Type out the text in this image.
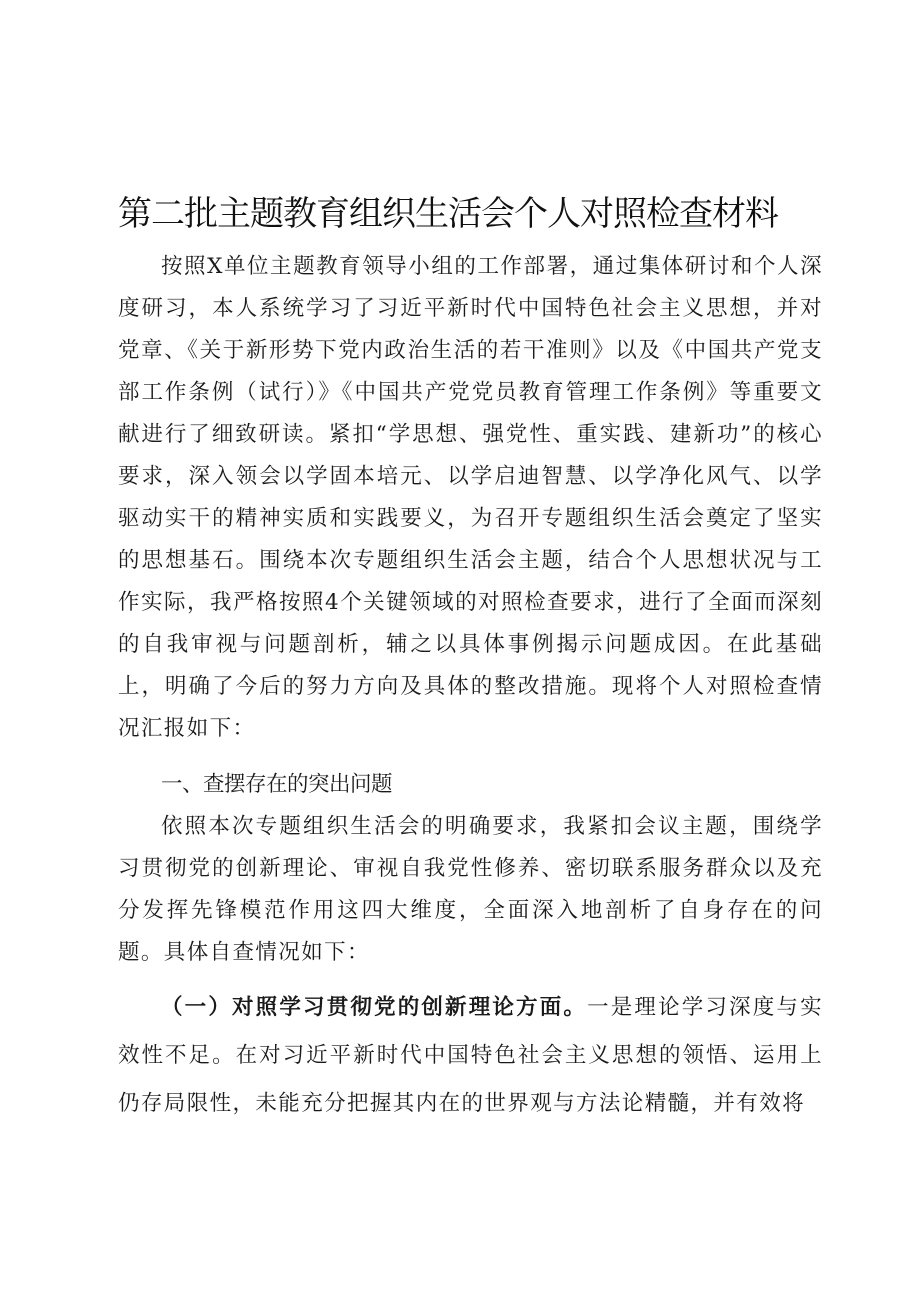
第二批主题教育组织生活会个人对照检查材料

按照X单位主题教育领导小组的工作部署，通过集体研讨和个人深度研习，本人系统学习了习近平新时代中国特色社会主义思想，并对党章、《关于新形势下党内政治生活的若干准则》以及《中国共产党支部工作条例（试行）》《中国共产党党员教育管理工作条例》等重要文献进行了细致研读。紧扣“学思想、强党性、重实践、建新功”的核心要求，深入领会以学固本培元、以学启迪智慧、以学净化风气、以学驱动实干的精神实质和实践要义，为召开专题组织生活会奠定了坚实的思想基石。围绕本次专题组织生活会主题，结合个人思想状况与工作实际，我严格按照4个关键领域的对照检查要求，进行了全面而深刻的自我审视与问题剖析，辅之以具体事例揭示问题成因。在此基础上，明确了今后的努力方向及具体的整改措施。现将个人对照检查情况汇报如下：

一、查摆存在的突出问题

依照本次专题组织生活会的明确要求，我紧扣会议主题，围绕学习贯彻党的创新理论、审视自我党性修养、密切联系服务群众以及充分发挥先锋模范作用这四大维度，全面深入地剖析了自身存在的问题。具体自查情况如下：

（一）对照学习贯彻党的创新理论方面。一是理论学习深度与实效性不足。在对习近平新时代中国特色社会主义思想的领悟、运用上仍存局限性，未能充分把握其内在的世界观与方法论精髓，并有效将
